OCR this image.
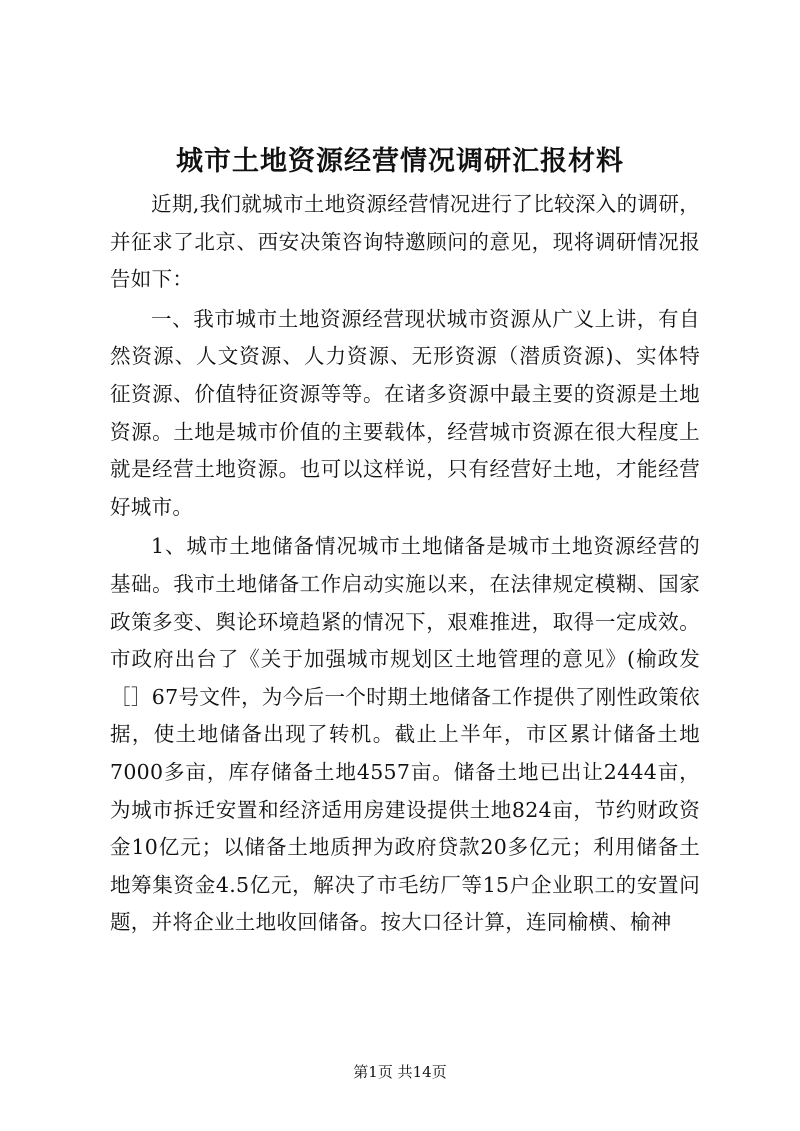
城市土地资源经营情况调研汇报材料

近期,我们就城市土地资源经营情况进行了比较深入的调研，并征求了北京、西安决策咨询特邀顾问的意见，现将调研情况报告如下：

一、我市城市土地资源经营现状城市资源从广义上讲，有自然资源、人文资源、人力资源、无形资源（潜质资源)、实体特征资源、价值特征资源等等。在诸多资源中最主要的资源是土地资源。土地是城市价值的主要载体，经营城市资源在很大程度上就是经营土地资源。也可以这样说，只有经营好土地，才能经营好城市。

1、城市土地储备情况城市土地储备是城市土地资源经营的基础。我市土地储备工作启动实施以来，在法律规定模糊、国家政策多变、舆论环境趋紧的情况下，艰难推进，取得一定成效。市政府出台了《关于加强城市规划区土地管理的意见》(榆政发［］67号文件，为今后一个时期土地储备工作提供了刚性政策依据，使土地储备出现了转机。截止上半年，市区累计储备土地7000多亩，库存储备土地4557亩。储备土地已出让2444亩，为城市拆迁安置和经济适用房建设提供土地824亩，节约财政资金10亿元；以储备土地质押为政府贷款20多亿元；利用储备土地筹集资金4.5亿元，解决了市毛纺厂等15户企业职工的安置问题，并将企业土地收回储备。按大口径计算，连同榆横、榆神

第1页 共14页
